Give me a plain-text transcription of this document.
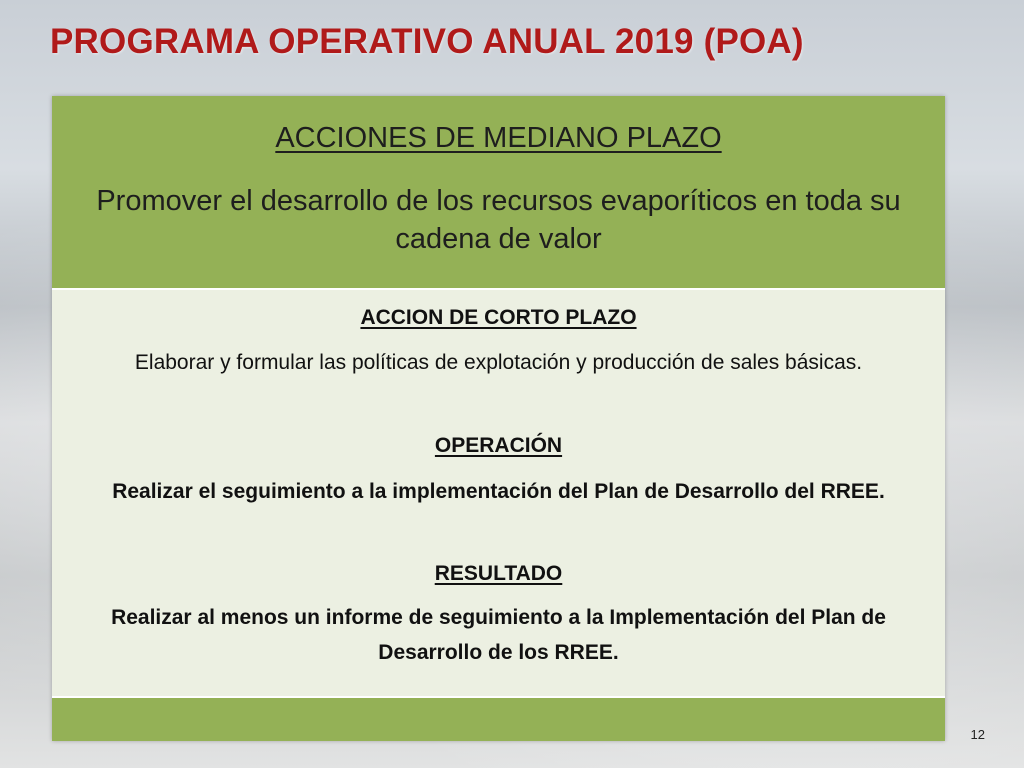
PROGRAMA OPERATIVO ANUAL 2019 (POA)
ACCIONES DE MEDIANO PLAZO
Promover el desarrollo de los recursos evaporíticos en toda su cadena de valor
ACCION DE CORTO PLAZO
Elaborar y formular las políticas de explotación y producción de sales básicas.
OPERACIÓN
Realizar el seguimiento a la implementación del Plan de Desarrollo del RREE.
RESULTADO
Realizar al menos un informe de seguimiento a la Implementación del Plan de Desarrollo de los RREE.
12
